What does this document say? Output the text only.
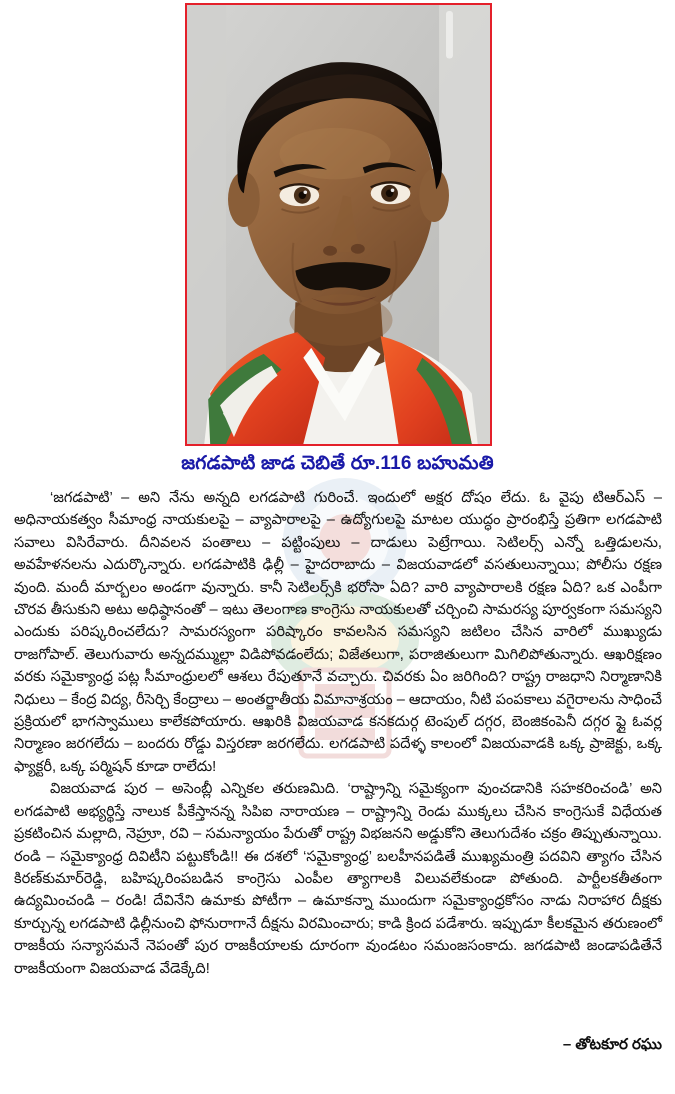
జగడపాటి జాడ చెబితే రూ.116 బహుమతి

‘జగడపాటి’ – అని నేను అన్నది లగడపాటి గురించే. ఇందులో అక్షర దోషం లేదు. ఓ వైపు టిఆర్ఎస్ – అధినాయకత్వం సీమాంధ్ర నాయకులపై – వ్యాపారాలపై – ఉద్యోగులపై మాటల యుద్ధం ప్రారంభిస్తే ప్రతిగా లగడపాటి సవాలు విసిరేవారు. దీనివలన పంతాలు – పట్టింపులు – దాడులు పెట్రేగాయి. సెటిలర్స్ ఎన్నో ఒత్తిడులను, అవహేళనలను ఎదుర్కొన్నారు. లగడపాటికి ఢిల్లీ – హైదరాబాదు – విజయవాడలో వసతులున్నాయి; పోలీసు రక్షణ వుంది. మందీ మార్బలం అండగా వున్నారు. కానీ సెటిలర్స్‌కి భరోసా ఏది? వారి వ్యాపారాలకి రక్షణ ఏది? ఒక ఎంపీగా చొరవ తీసుకుని అటు అధిష్ఠానంతో – ఇటు తెలంగాణ కాంగ్రెసు నాయకులతో చర్చించి సామరస్య పూర్వకంగా సమస్యని ఎందుకు పరిష్కరించలేదు? సామరస్యంగా పరిష్కారం కావలసిన సమస్యని జటిలం చేసిన వారిలో ముఖ్యుడు రాజగోపాల్. తెలుగువారు అన్నదమ్ముల్లా విడిపోవడంలేదు; విజేతలుగా, పరాజితులుగా మిగిలిపోతున్నారు. ఆఖరిక్షణం వరకు సమైక్యాంధ్ర పట్ల సీమాంధ్రులలో ఆశలు రేపుతూనే వచ్చారు. చివరకు ఏం జరిగింది? రాష్ట్ర రాజధాని నిర్మాణానికి నిధులు – కేంద్ర విద్య, రీసెర్చి కేంద్రాలు – అంతర్జాతీయ విమానాశ్రయం – ఆదాయం, నీటి పంపకాలు వగైరాలను సాధించే ప్రక్రియలో భాగస్వాములు కాలేకపోయారు. ఆఖరికి విజయవాడ కనకదుర్గ టెంపుల్ దగ్గర, బెంజికంపెనీ దగ్గర ఫ్లై ఓవర్ల నిర్మాణం జరగలేదు – బందరు రోడ్డు విస్తరణా జరగలేదు. లగడపాటి పదేళ్ళ కాలంలో విజయవాడకి ఒక్క ప్రాజెక్టు, ఒక్క ఫ్యాక్టరీ, ఒక్క పర్మిషన్ కూడా రాలేదు!

విజయవాడ పుర – అసెంబ్లీ ఎన్నికల తరుణమిది. ‘రాష్ట్రాన్ని సమైక్యంగా వుంచడానికి సహకరించండి’ అని లగడపాటి అభ్యర్థిస్తే నాలుక పీకేస్తానన్న సిపిఐ నారాయణ – రాష్ట్రాన్ని రెండు ముక్కలు చేసిన కాంగ్రెసుకే విధేయత ప్రకటించిన మల్లాది, నెహ్రూ, రవి – సమన్యాయం పేరుతో రాష్ట్ర విభజనని అడ్డుకోని తెలుగుదేశం చక్రం తిప్పుతున్నాయి. రండి – సమైక్యాంధ్ర దివిటీని పట్టుకోండి!! ఈ దశలో ‘సమైక్యాంధ్ర’ బలహీనపడితే ముఖ్యమంత్రి పదవిని త్యాగం చేసిన కిరణ్‌కుమార్‌రెడ్డి, బహిష్కరింపబడిన కాంగ్రెసు ఎంపీల త్యాగాలకి విలువలేకుండా పోతుంది. పార్టీలకతీతంగా ఉద్యమించండి – రండి! దేవినేని ఉమాకు పోటీగా – ఉమాకన్నా ముందుగా సమైక్యాంధ్రకోసం నాడు నిరాహార దీక్షకు కూర్చున్న లగడపాటి ఢిల్లీనుంచి ఫోనురాగానే దీక్షను విరమించారు; కాడి క్రింద పడేశారు. ఇప్పుడూ కీలకమైన తరుణంలో రాజకీయ సన్యాసమనే నెపంతో పుర రాజకీయాలకు దూరంగా వుండటం సమంజసంకాదు. జగడపాటి జండాపడితేనే రాజకీయంగా విజయవాడ వేడెక్కేది!

– తోటకూర రఘు
